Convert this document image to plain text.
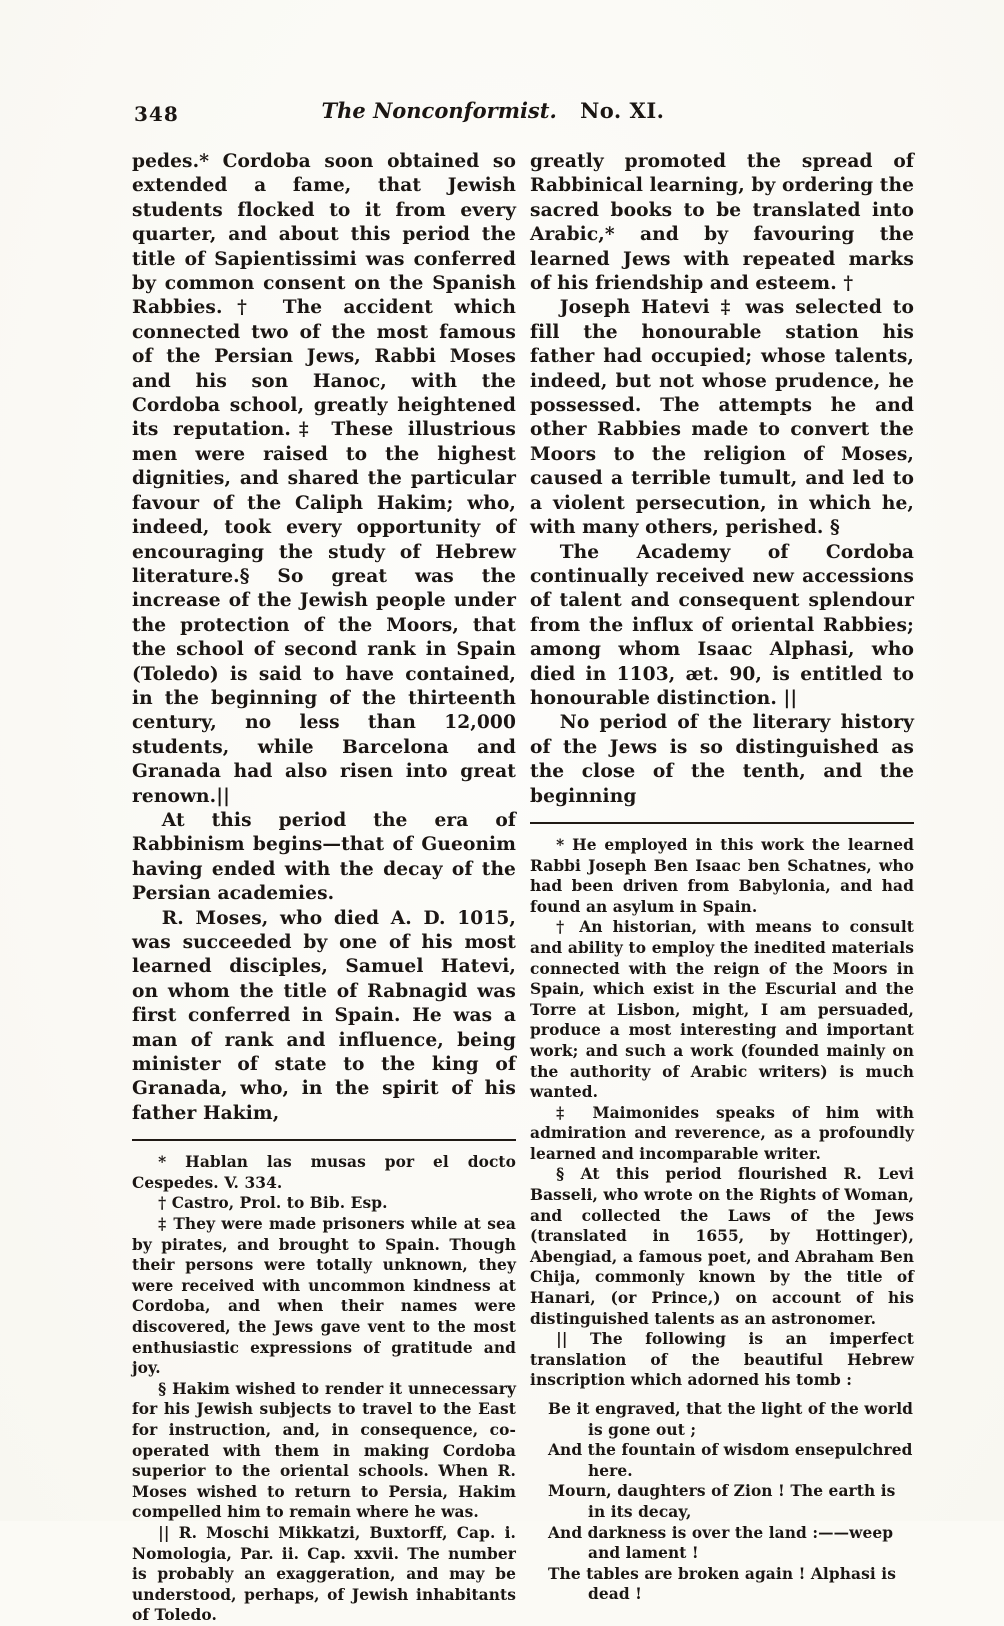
348	The Nonconformist. No. XI.

pedes.* Cordoba soon obtained so extended a fame, that Jewish students flocked to it from every quarter, and about this period the title of Sapientissimi was conferred by common consent on the Spanish Rabbies.† The accident which connected two of the most famous of the Persian Jews, Rabbi Moses and his son Hanoc, with the Cordoba school, greatly heightened its reputation.‡ These illustrious men were raised to the highest dignities, and shared the particular favour of the Caliph Hakim; who, indeed, took every opportunity of encouraging the study of Hebrew literature.§ So great was the increase of the Jewish people under the protection of the Moors, that the school of second rank in Spain (Toledo) is said to have contained, in the beginning of the thirteenth century, no less than 12,000 students, while Barcelona and Granada had also risen into great renown.||

At this period the era of Rabbinism begins—that of Gueonim having ended with the decay of the Persian academies.

R. Moses, who died A. D. 1015, was succeeded by one of his most learned disciples, Samuel Hatevi, on whom the title of Rabnagid was first conferred in Spain. He was a man of rank and influence, being minister of state to the king of Granada, who, in the spirit of his father Hakim,

* Hablan las musas por el docto Cespedes. V. 334.

† Castro, Prol. to Bib. Esp.

‡ They were made prisoners while at sea by pirates, and brought to Spain. Though their persons were totally unknown, they were received with uncommon kindness at Cordoba, and when their names were discovered, the Jews gave vent to the most enthusiastic expressions of gratitude and joy.

§ Hakim wished to render it unnecessary for his Jewish subjects to travel to the East for instruction, and, in consequence, co-operated with them in making Cordoba superior to the oriental schools. When R. Moses wished to return to Persia, Hakim compelled him to remain where he was.

|| R. Moschi Mikkatzi, Buxtorff, Cap. i. Nomologia, Par. ii. Cap. xxvii. The number is probably an exaggeration, and may be understood, perhaps, of Jewish inhabitants of Toledo.

greatly promoted the spread of Rabbinical learning, by ordering the sacred books to be translated into Arabic,* and by favouring the learned Jews with repeated marks of his friendship and esteem. †

Joseph Hatevi ‡ was selected to fill the honourable station his father had occupied; whose talents, indeed, but not whose prudence, he possessed. The attempts he and other Rabbies made to convert the Moors to the religion of Moses, caused a terrible tumult, and led to a violent persecution, in which he, with many others, perished. §

The Academy of Cordoba continually received new accessions of talent and consequent splendour from the influx of oriental Rabbies; among whom Isaac Alphasi, who died in 1103, æt. 90, is entitled to honourable distinction. ||

No period of the literary history of the Jews is so distinguished as the close of the tenth, and the beginning

* He employed in this work the learned Rabbi Joseph Ben Isaac ben Schatnes, who had been driven from Babylonia, and had found an asylum in Spain.

† An historian, with means to consult and ability to employ the inedited materials connected with the reign of the Moors in Spain, which exist in the Escurial and the Torre at Lisbon, might, I am persuaded, produce a most interesting and important work; and such a work (founded mainly on the authority of Arabic writers) is much wanted.

‡ Maimonides speaks of him with admiration and reverence, as a profoundly learned and incomparable writer.

§ At this period flourished R. Levi Basseli, who wrote on the Rights of Woman, and collected the Laws of the Jews (translated in 1655, by Hottinger), Abengiad, a famous poet, and Abraham Ben Chija, commonly known by the title of Hanari, (or Prince,) on account of his distinguished talents as an astronomer.

|| The following is an imperfect translation of the beautiful Hebrew inscription which adorned his tomb :

Be it engraved, that the light of the world is gone out ;

And the fountain of wisdom ensepulchred here.

Mourn, daughters of Zion ! The earth is in its decay,

And darkness is over the land :——weep and lament !

The tables are broken again ! Alphasi is dead !
